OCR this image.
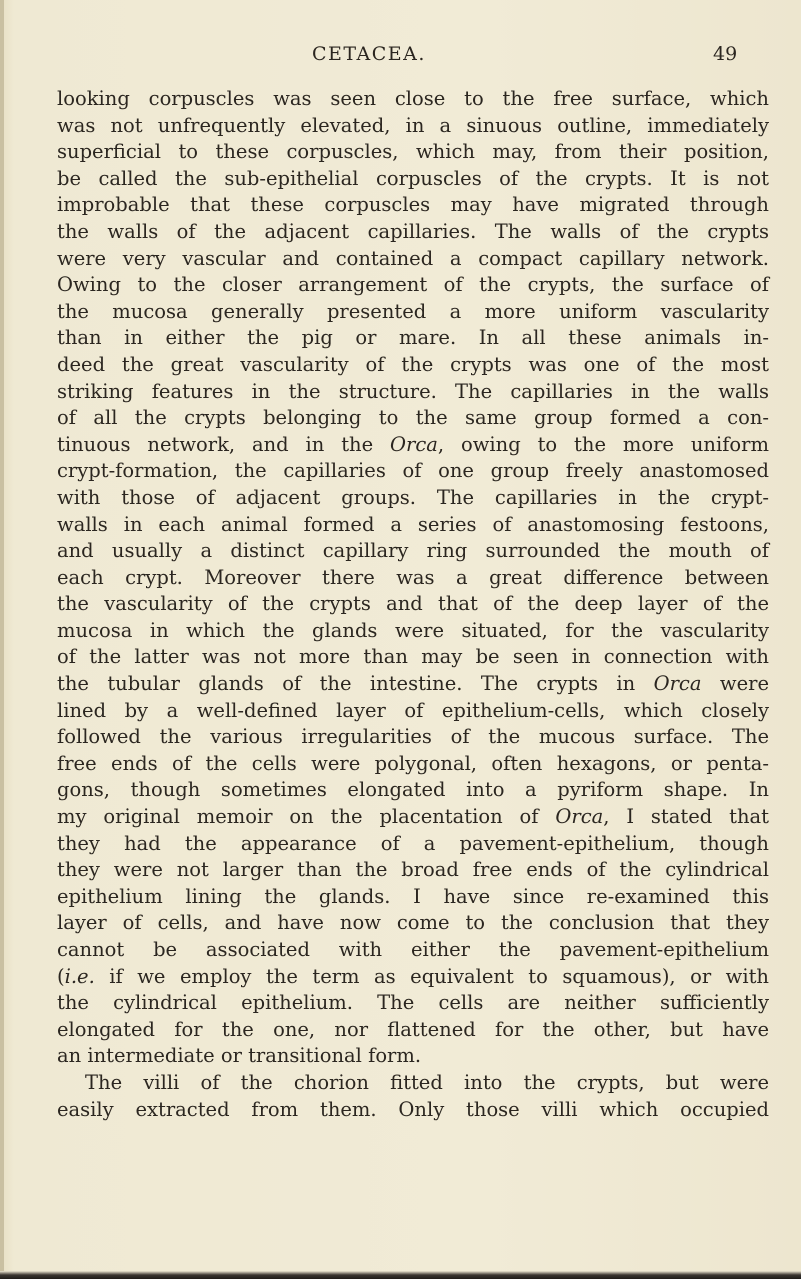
CETACEA.	49
looking corpuscles was seen close to the free surface, which
was not unfrequently elevated, in a sinuous outline, immediately
superficial to these corpuscles, which may, from their position,
be called the sub-epithelial corpuscles of the crypts. It is not
improbable that these corpuscles may have migrated through
the walls of the adjacent capillaries. The walls of the crypts
were very vascular and contained a compact capillary network.
Owing to the closer arrangement of the crypts, the surface of
the mucosa generally presented a more uniform vascularity
than in either the pig or mare. In all these animals in-
deed the great vascularity of the crypts was one of the most
striking features in the structure. The capillaries in the walls
of all the crypts belonging to the same group formed a con-
tinuous network, and in the Orca, owing to the more uniform
crypt-formation, the capillaries of one group freely anastomosed
with those of adjacent groups. The capillaries in the crypt-
walls in each animal formed a series of anastomosing festoons,
and usually a distinct capillary ring surrounded the mouth of
each crypt. Moreover there was a great difference between
the vascularity of the crypts and that of the deep layer of the
mucosa in which the glands were situated, for the vascularity
of the latter was not more than may be seen in connection with
the tubular glands of the intestine. The crypts in Orca were
lined by a well-defined layer of epithelium-cells, which closely
followed the various irregularities of the mucous surface. The
free ends of the cells were polygonal, often hexagons, or penta-
gons, though sometimes elongated into a pyriform shape. In
my original memoir on the placentation of Orca, I stated that
they had the appearance of a pavement-epithelium, though
they were not larger than the broad free ends of the cylindrical
epithelium lining the glands. I have since re-examined this
layer of cells, and have now come to the conclusion that they
cannot be associated with either the pavement-epithelium
(i.e. if we employ the term as equivalent to squamous), or with
the cylindrical epithelium. The cells are neither sufficiently
elongated for the one, nor flattened for the other, but have
an intermediate or transitional form.
The villi of the chorion fitted into the crypts, but were
easily extracted from them. Only those villi which occupied
